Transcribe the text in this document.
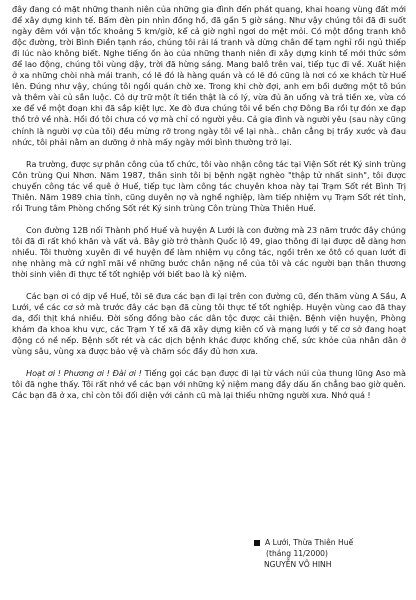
đây đang có mặt những thanh niên của những gia đình đến phát quang, khai hoang vùng đất mới để xây dựng kinh tế. Bấm đèn pin nhìn đồng hồ, đã gần 5 giờ sáng. Như vậy chúng tôi đã đi suốt ngày đêm với vận tốc khoảng 5 km/giờ, kể cả giờ nghỉ ngơi do mệt mỏi. Có một đồng tranh khô độc đường, trời Bình Điền tạnh ráo, chúng tôi rải lá tranh và dừng chân để tạm nghỉ rồi ngủ thiếp đi lúc nào không biết. Nghe tiếng ồn ào của những thanh niên đi xây dựng kinh tế mới thức sớm để lao động, chúng tôi vùng dậy, trời đã hừng sáng. Mang balô trên vai, tiếp tục đi về. Xuất hiện ở xa những chòi nhà mái tranh, có lẽ đó là hàng quán và có lẽ đó cũng là nơi có xe khách từ Huế lên. Đúng như vậy, chúng tôi ngồi quán chờ xe. Trong khi chờ đợi, anh em bồi dưỡng một tô bún và thêm vài củ sắn luộc. Cỏ dự trữ một ít tiền thật là có lý, vừa đủ ăn uống và trả tiền xe, vừa có xe để về một đoạn khi đã sắp kiệt lực. Xe đò đưa chúng tôi về bến chợ Đông Ba rồi tự đón xe đạp thồ trở về nhà. Hồi đó tôi chưa có vợ mà chỉ có người yêu. Cả gia đình và người yêu (sau này cũng chính là người vợ của tôi) đều mừng rỡ trong ngày tôi về lại nhà.. chân cẳng bị trầy xước và đau nhức, tôi phải nằm an dưỡng ở nhà mấy ngày mới bình thường trở lại.

Ra trường, được sự phân công của tổ chức, tôi vào nhận công tác tại Viện Sốt rét Ký sinh trùng Côn trùng Qui Nhơn. Năm 1987, thân sinh tôi bị bệnh ngặt nghèo "thập tử nhất sinh", tôi được chuyển công tác về quê ở Huế, tiếp tục làm công tác chuyên khoa này tại Trạm Sốt rét Bình Trị Thiên. Năm 1989 chia tỉnh, cũng duyên nợ và nghề nghiệp, làm tiếp nhiệm vụ Trạm Sốt rét tỉnh, rồi Trung tâm Phòng chống Sốt rét Ký sinh trùng Côn trùng Thừa Thiên Huế.

Con đường 12B nối Thành phố Huế và huyện A Lưới là con đường mà 23 năm trước đây chúng tôi đã đi rất khó khăn và vất vả. Bây giờ trở thành Quốc lộ 49, giao thông đi lại được dễ dàng hơn nhiều. Tôi thường xuyên đi về huyện để làm nhiệm vụ công tác, ngồi trên xe ôtô có quan lướt đi nhẹ nhàng mà cứ nghĩ mãi về những bước chân nặng nề của tôi và các người bạn thân thương thời sinh viên đi thực tế tốt nghiệp với biết bao là kỷ niệm.

Các bạn ơi có dịp về Huế, tôi sẽ đưa các bạn đi lại trên con đường cũ, đến thăm vùng A Sầu, A Lưới, về các cơ sở mà trước đây các bạn đã cùng tôi thực tế tốt nghiệp. Huyện vùng cao đã thay da, đổi thịt khá nhiều. Đời sống đồng bào các dân tộc được cải thiện. Bệnh viện huyện, Phòng khám đa khoa khu vực, các Trạm Y tế xã đã xây dựng kiên cố và mạng lưới y tế cơ sở đang hoạt động có nề nếp. Bệnh sốt rét và các dịch bệnh khác được khống chế, sức khỏe của nhân dân ở vùng sâu, vùng xa được bảo vệ và chăm sóc đầy đủ hơn xưa.

Hoạt ơi ! Phương ơi ! Đài ơi ! Tiếng gọi các bạn được đi lại từ vách núi của thung lũng Aso mà tôi đã nghe thấy. Tôi rất nhớ về các bạn với những kỷ niệm mang đầy dấu ấn chẳng bao giờ quên. Các bạn đã ở xa, chỉ còn tôi đối diện với cảnh cũ mà lại thiếu những người xưa. Nhớ quá !

A Lưới, Thừa Thiên Huế
(tháng 11/2000)
NGUYỄN VÕ HINH
